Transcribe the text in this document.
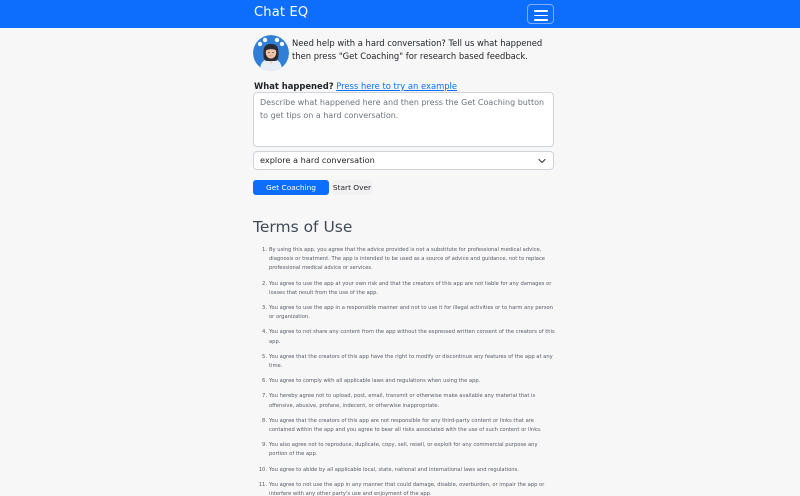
Chat EQ

Need help with a hard conversation? Tell us what happened then press "Get Coaching" for research based feedback.

What happened? Press here to try an example
Describe what happened here and then press the Get Coaching button to get tips on a hard conversation.
explore a hard conversation
Get Coaching	Start Over
Terms of Use
1. By using this app, you agree that the advice provided is not a substitute for professional medical advice, diagnosis or treatment. The app is intended to be used as a source of advice and guidance, not to replace professional medical advice or services.
2. You agree to use the app at your own risk and that the creators of this app are not liable for any damages or losses that result from the use of the app.
3. You agree to use the app in a responsible manner and not to use it for illegal activities or to harm any person or organization.
4. You agree to not share any content from the app without the expressed written consent of the creators of this app.
5. You agree that the creators of this app have the right to modify or discontinue any features of the app at any time.
6. You agree to comply with all applicable laws and regulations when using the app.
7. You hereby agree not to upload, post, email, transmit or otherwise make available any material that is offensive, abusive, profane, indecent, or otherwise inappropriate.
8. You agree that the creators of this app are not responsible for any third-party content or links that are contained within the app and you agree to bear all risks associated with the use of such content or links.
9. You also agree not to reproduce, duplicate, copy, sell, resell, or exploit for any commercial purpose any portion of the app.
10. You agree to abide by all applicable local, state, national and international laws and regulations.
11. You agree to not use the app in any manner that could damage, disable, overburden, or impair the app or interfere with any other party's use and enjoyment of the app.
